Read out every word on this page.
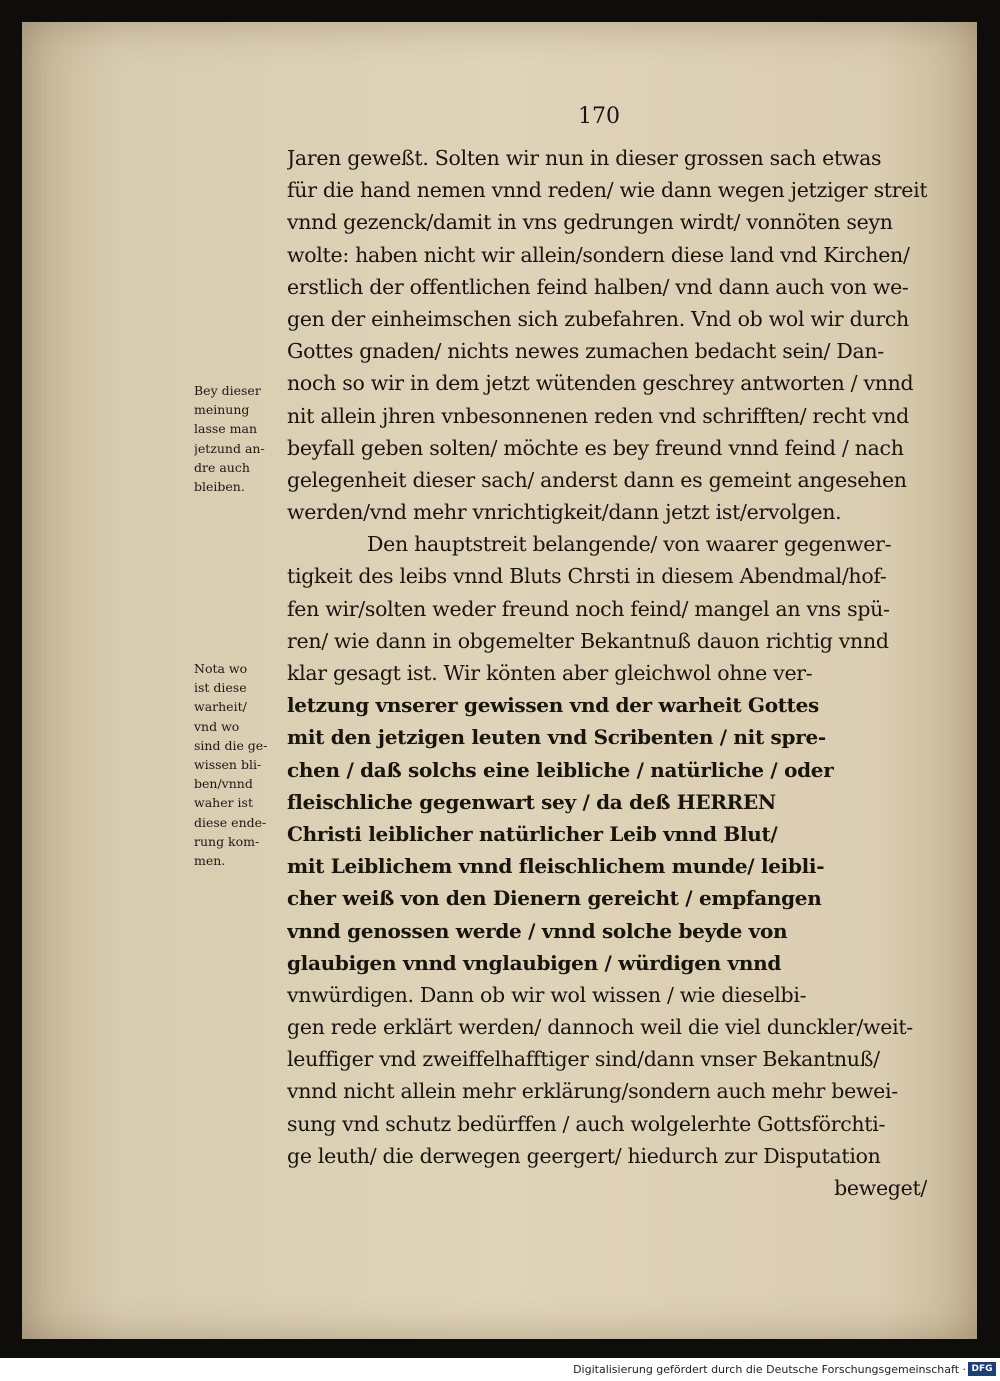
170
Jaren geweßt. Solten wir nun in dieser grossen sach etwas
für die hand nemen vnnd reden/ wie dann wegen jetziger streit
vnnd gezenck/damit in vns gedrungen wirdt/ vonnöten seyn
wolte: haben nicht wir allein/sondern diese land vnd Kirchen/
erstlich der offentlichen feind halben/ vnd dann auch von we-
gen der einheimschen sich zubefahren. Vnd ob wol wir durch
Gottes gnaden/ nichts newes zumachen bedacht sein/ Dan-
noch so wir in dem jetzt wütenden geschrey antworten / vnnd
nit allein jhren vnbesonnenen reden vnd schrifften/ recht vnd
beyfall geben solten/ möchte es bey freund vnnd feind / nach
gelegenheit dieser sach/ anderst dann es gemeint angesehen
werden/vnd mehr vnrichtigkeit/dann jetzt ist/ervolgen.
Den hauptstreit belangende/ von waarer gegenwer-
tigkeit des leibs vnnd Bluts Chrsti in diesem Abendmal/hof-
fen wir/solten weder freund noch feind/ mangel an vns spü-
ren/ wie dann in obgemelter Bekantnuß dauon richtig vnnd
klar gesagt ist. Wir könten aber gleichwol ohne ver-
letzung vnserer gewissen vnd der warheit Gottes
mit den jetzigen leuten vnd Scribenten / nit spre-
chen / daß solchs eine leibliche / natürliche / oder
fleischliche gegenwart sey / da deß HERREN
Christi leiblicher natürlicher Leib vnnd Blut/
mit Leiblichem vnnd fleischlichem munde/ leibli-
cher weiß von den Dienern gereicht / empfangen
vnnd genossen werde / vnnd solche beyde von
glaubigen vnnd vnglaubigen / würdigen vnnd
vnwürdigen. Dann ob wir wol wissen / wie dieselbi-
gen rede erklärt werden/ dannoch weil die viel dunckler/weit-
leuffiger vnd zweiffelhafftiger sind/dann vnser Bekantnuß/
vnnd nicht allein mehr erklärung/sondern auch mehr bewei-
sung vnd schutz bedürffen / auch wolgelerhte Gottsförchti-
ge leuth/ die derwegen geergert/ hiedurch zur Disputation
beweget/
Bey dieser
meinung
lasse man
jetzund an-
dre auch
bleiben.
Nota wo
ist diese
warheit/
vnd wo
sind die ge-
wissen bli-
ben/vnnd
waher ist
diese ende-
rung kom-
men.
Digitalisierung gefördert durch die Deutsche Forschungsgemeinschaft · DFG
